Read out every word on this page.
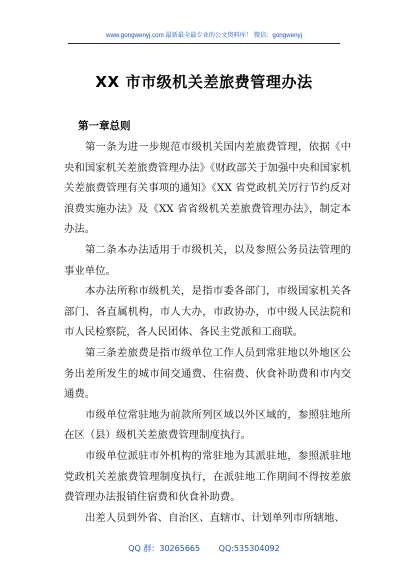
www.gongwenyj.com 最新最全最专业的公文资料库！ 微信：gongwenyj
XX 市市级机关差旅费管理办法
第一章总则

第一条为进一步规范市级机关国内差旅费管理，依据《中央和国家机关差旅费管理办法》《财政部关于加强中央和国家机关差旅费管理有关事项的通知》《XX 省党政机关厉行节约反对浪费实施办法》及《XX 省省级机关差旅费管理办法》，制定本办法。

第二条本办法适用于市级机关，以及参照公务员法管理的事业单位。

本办法所称市级机关，是指市委各部门，市级国家机关各部门、各直属机构，市人大办，市政协办，市中级人民法院和市人民检察院，各人民团体、各民主党派和工商联。

第三条差旅费是指市级单位工作人员到常驻地以外地区公务出差所发生的城市间交通费、住宿费、伙食补助费和市内交通费。

市级单位常驻地为前款所列区域以外区域的，参照驻地所在区（县）级机关差旅费管理制度执行。

市级单位派驻市外机构的常驻地为其派驻地，参照派驻地党政机关差旅费管理制度执行，在派驻地工作期间不得按差旅费管理办法报销住宿费和伙食补助费。

出差人员到外省、自治区、直辖市、计划单列市所辖地、

QQ 群：30265665 QQ:535304092
